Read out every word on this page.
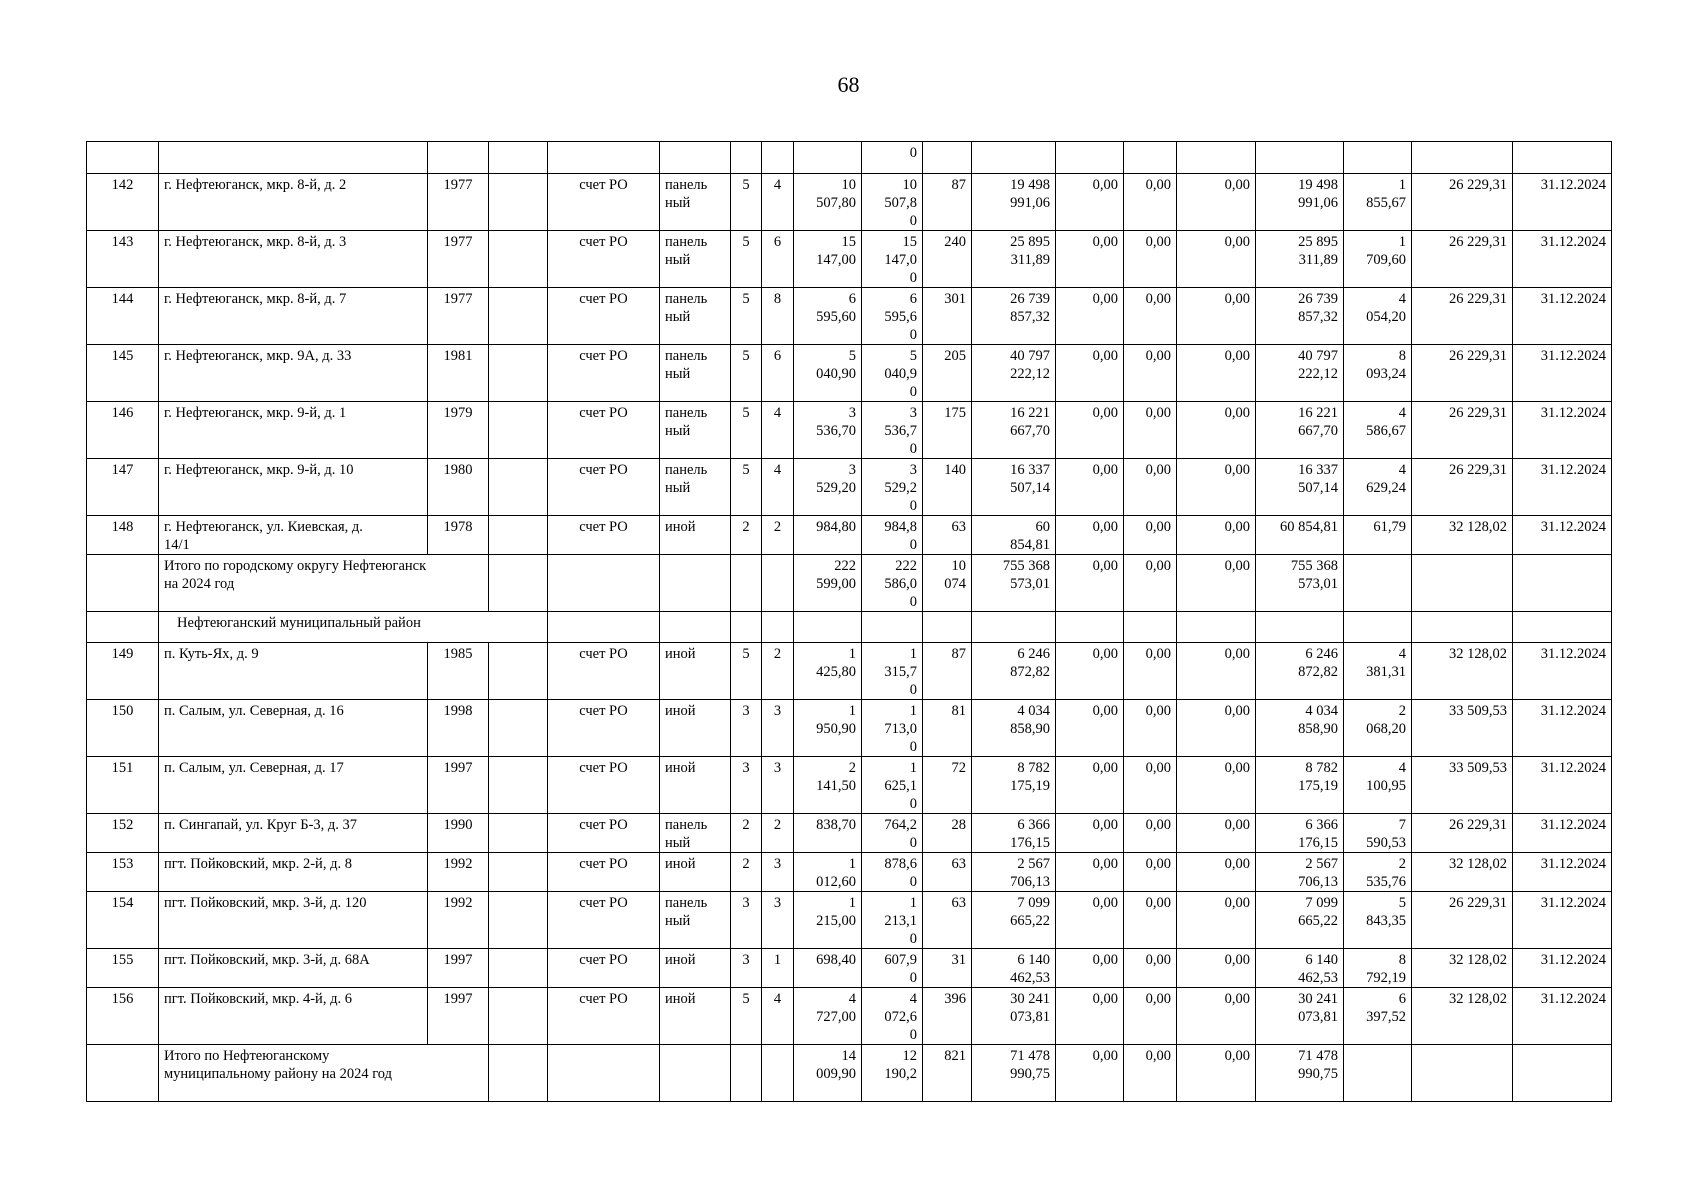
68
									0									
142	г. Нефтеюганск, мкр. 8-й, д. 2	1977		счет РО	панель
ный	5	4	10
507,80	10
507,8
0	87	19 498
991,06	0,00	0,00	0,00	19 498
991,06	1
855,67	26 229,31	31.12.2024
143	г. Нефтеюганск, мкр. 8-й, д. 3	1977		счет РО	панель
ный	5	6	15
147,00	15
147,0
0	240	25 895
311,89	0,00	0,00	0,00	25 895
311,89	1
709,60	26 229,31	31.12.2024
144	г. Нефтеюганск, мкр. 8-й, д. 7	1977		счет РО	панель
ный	5	8	6
595,60	6
595,6
0	301	26 739
857,32	0,00	0,00	0,00	26 739
857,32	4
054,20	26 229,31	31.12.2024
145	г. Нефтеюганск, мкр. 9А, д. 33	1981		счет РО	панель
ный	5	6	5
040,90	5
040,9
0	205	40 797
222,12	0,00	0,00	0,00	40 797
222,12	8
093,24	26 229,31	31.12.2024
146	г. Нефтеюганск, мкр. 9-й, д. 1	1979		счет РО	панель
ный	5	4	3
536,70	3
536,7
0	175	16 221
667,70	0,00	0,00	0,00	16 221
667,70	4
586,67	26 229,31	31.12.2024
147	г. Нефтеюганск, мкр. 9-й, д. 10	1980		счет РО	панель
ный	5	4	3
529,20	3
529,2
0	140	16 337
507,14	0,00	0,00	0,00	16 337
507,14	4
629,24	26 229,31	31.12.2024
148	г. Нефтеюганск, ул. Киевская, д.
14/1	1978		счет РО	иной	2	2	984,80	984,8
0	63	60
854,81	0,00	0,00	0,00	60 854,81	61,79	32 128,02	31.12.2024
	Итого по городскому округу Нефтеюганск
на 2024 год							222
599,00	222
586,0
0	10
074	755 368
573,01	0,00	0,00	0,00	755 368
573,01			
	Нефтеюганский муниципальный район																	
149	п. Куть-Ях, д. 9	1985		счет РО	иной	5	2	1
425,80	1
315,7
0	87	6 246
872,82	0,00	0,00	0,00	6 246
872,82	4
381,31	32 128,02	31.12.2024
150	п. Салым, ул. Северная, д. 16	1998		счет РО	иной	3	3	1
950,90	1
713,0
0	81	4 034
858,90	0,00	0,00	0,00	4 034
858,90	2
068,20	33 509,53	31.12.2024
151	п. Салым, ул. Северная, д. 17	1997		счет РО	иной	3	3	2
141,50	1
625,1
0	72	8 782
175,19	0,00	0,00	0,00	8 782
175,19	4
100,95	33 509,53	31.12.2024
152	п. Сингапай, ул. Круг Б-3, д. 37	1990		счет РО	панель
ный	2	2	838,70	764,2
0	28	6 366
176,15	0,00	0,00	0,00	6 366
176,15	7
590,53	26 229,31	31.12.2024
153	пгт. Пойковский, мкр. 2-й, д. 8	1992		счет РО	иной	2	3	1
012,60	878,6
0	63	2 567
706,13	0,00	0,00	0,00	2 567
706,13	2
535,76	32 128,02	31.12.2024
154	пгт. Пойковский, мкр. 3-й, д. 120	1992		счет РО	панель
ный	3	3	1
215,00	1
213,1
0	63	7 099
665,22	0,00	0,00	0,00	7 099
665,22	5
843,35	26 229,31	31.12.2024
155	пгт. Пойковский, мкр. 3-й, д. 68А	1997		счет РО	иной	3	1	698,40	607,9
0	31	6 140
462,53	0,00	0,00	0,00	6 140
462,53	8
792,19	32 128,02	31.12.2024
156	пгт. Пойковский, мкр. 4-й, д. 6	1997		счет РО	иной	5	4	4
727,00	4
072,6
0	396	30 241
073,81	0,00	0,00	0,00	30 241
073,81	6
397,52	32 128,02	31.12.2024
	Итого по Нефтеюганскому
муниципальному району на 2024 год							14
009,90	12
190,2	821	71 478
990,75	0,00	0,00	0,00	71 478
990,75			
